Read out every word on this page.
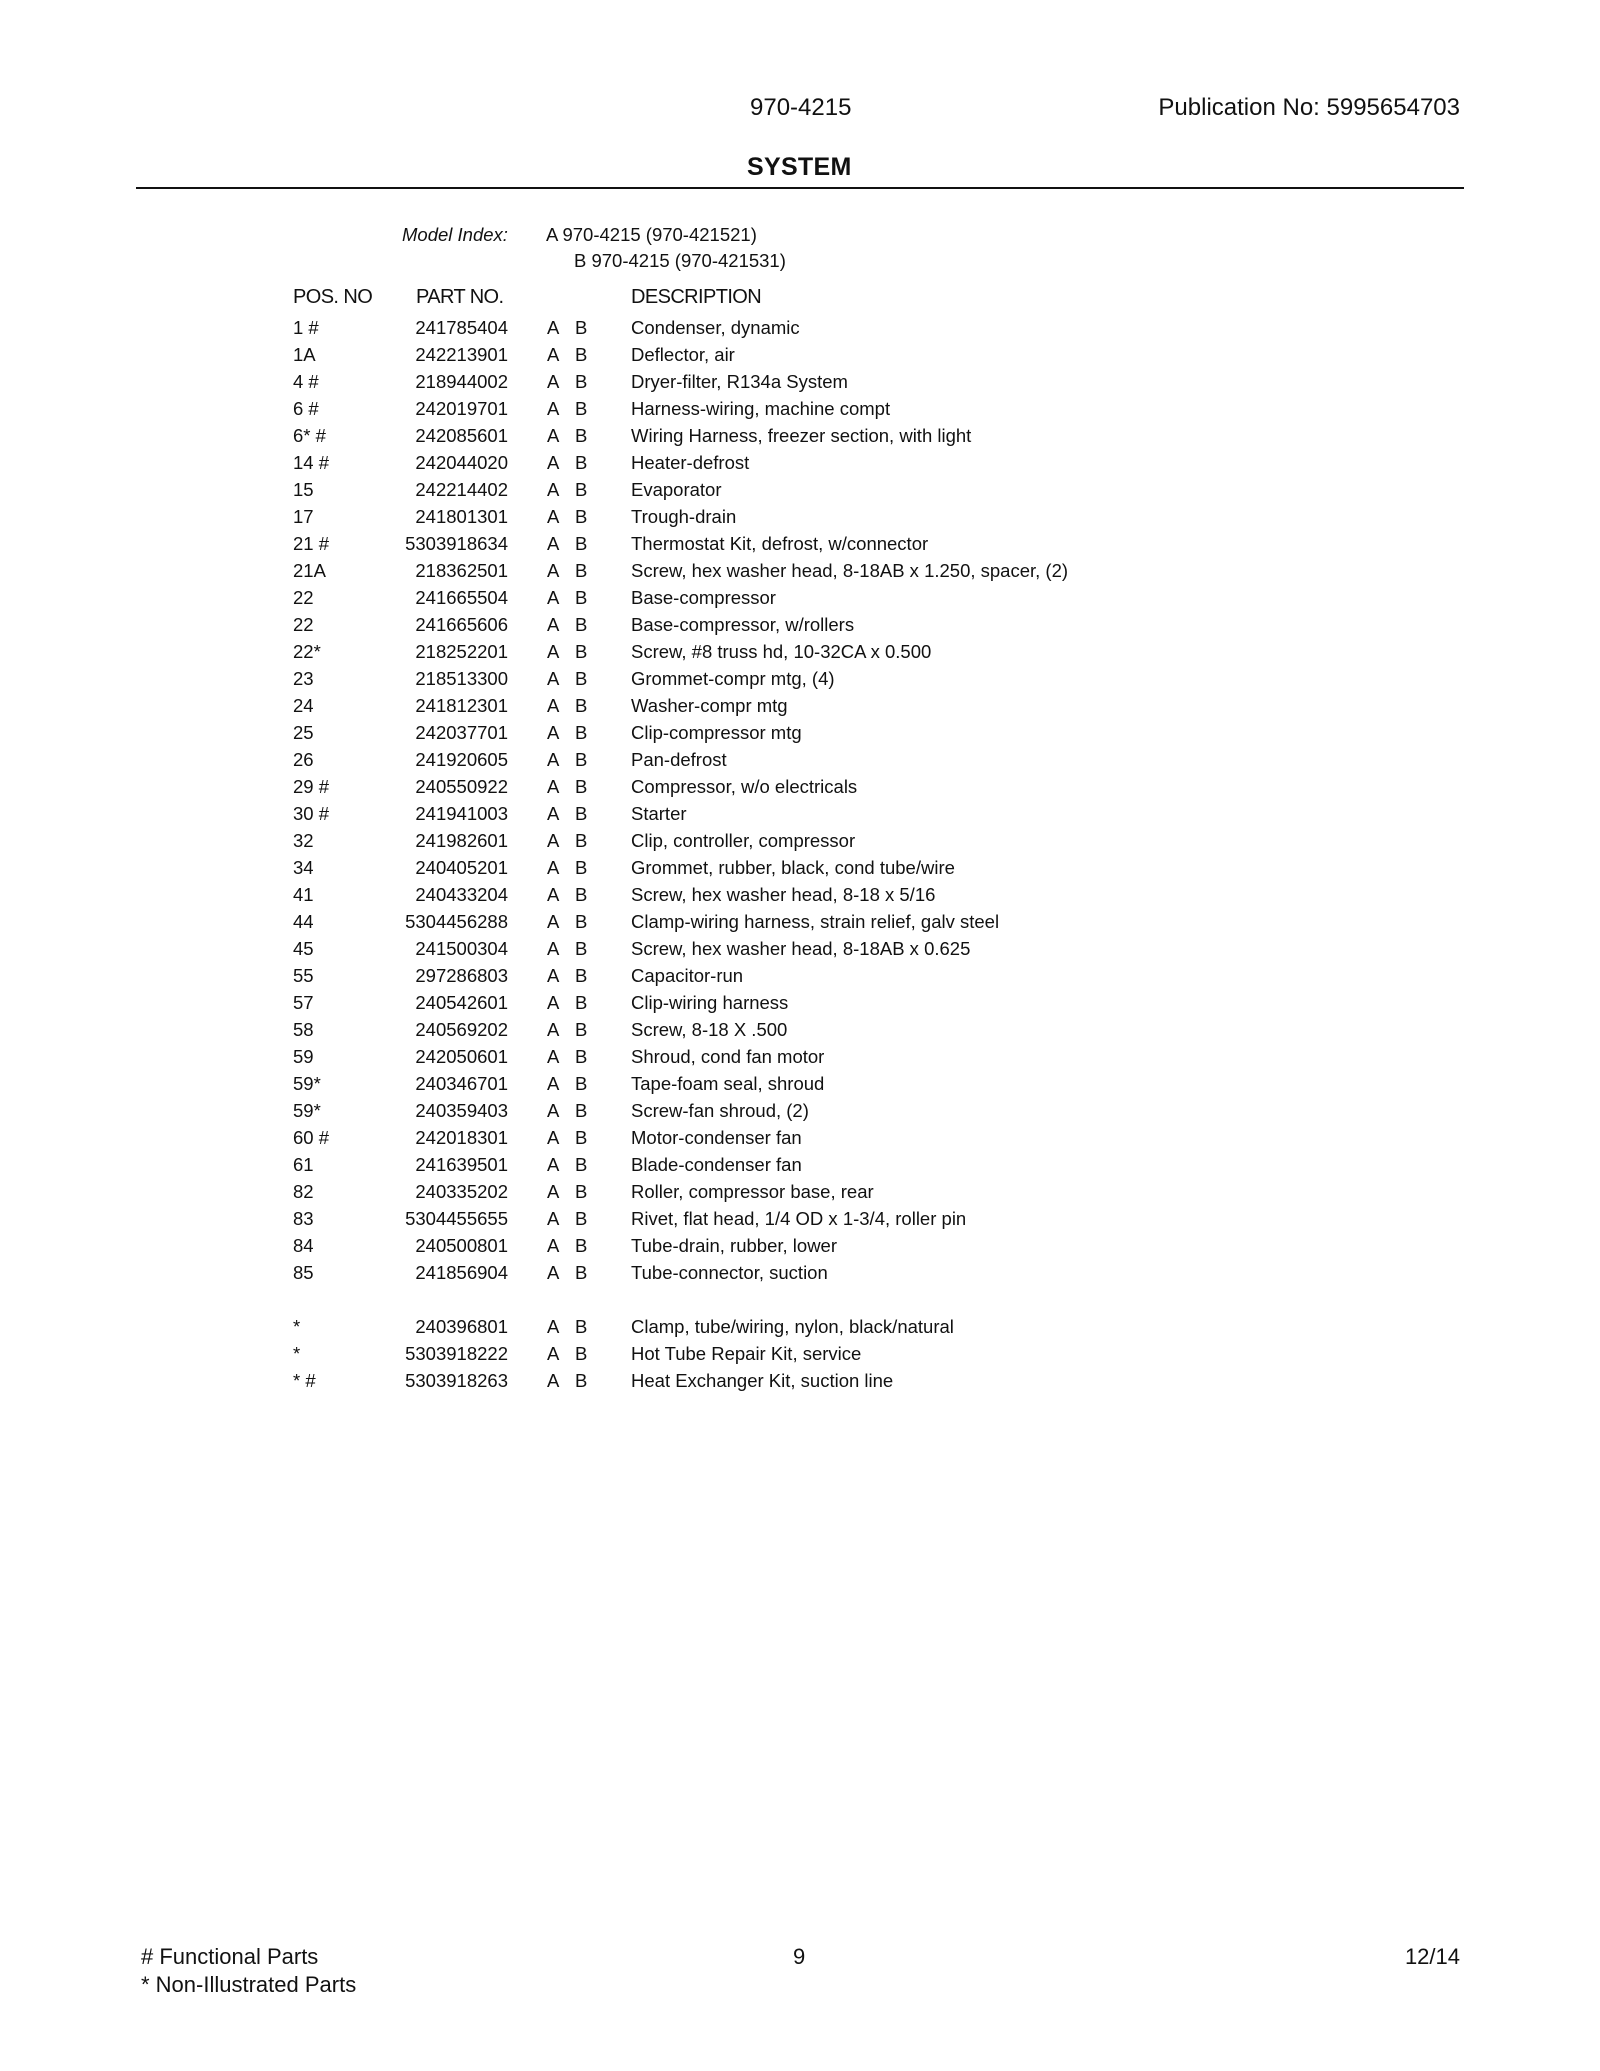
970-4215	Publication No: 5995654703
SYSTEM
Model Index: A 970-4215 (970-421521)
B 970-4215 (970-421531)
POS. NO PART NO.	DESCRIPTION
1 #	241785404 A B Condenser, dynamic
1A	242213901 A B Deflector, air
4 #	218944002 A B Dryer-filter, R134a System
6 #	242019701 A B Harness-wiring, machine compt
6* #	242085601 A B Wiring Harness, freezer section, with light
14 #	242044020 A B Heater-defrost
15	242214402 A B Evaporator
17	241801301 A B Trough-drain
21 #	5303918634 A B Thermostat Kit, defrost, w/connector
21A	218362501 A B Screw, hex washer head, 8-18AB x 1.250, spacer, (2)
22	241665504 A B Base-compressor
22	241665606 A B Base-compressor, w/rollers
22*	218252201 A B Screw, #8 truss hd, 10-32CA x 0.500
23	218513300 A B Grommet-compr mtg, (4)
24	241812301 A B Washer-compr mtg
25	242037701 A B Clip-compressor mtg
26	241920605 A B Pan-defrost
29 #	240550922 A B Compressor, w/o electricals
30 #	241941003 A B Starter
32	241982601 A B Clip, controller, compressor
34	240405201 A B Grommet, rubber, black, cond tube/wire
41	240433204 A B Screw, hex washer head, 8-18 x 5/16
44	5304456288 A B Clamp-wiring harness, strain relief, galv steel
45	241500304 A B Screw, hex washer head, 8-18AB x 0.625
55	297286803 A B Capacitor-run
57	240542601 A B Clip-wiring harness
58	240569202 A B Screw, 8-18 X .500
59	242050601 A B Shroud, cond fan motor
59*	240346701 A B Tape-foam seal, shroud
59*	240359403 A B Screw-fan shroud, (2)
60 #	242018301 A B Motor-condenser fan
61	241639501 A B Blade-condenser fan
82	240335202 A B Roller, compressor base, rear
83	5304455655 A B Rivet, flat head, 1/4 OD x 1-3/4, roller pin
84	240500801 A B Tube-drain, rubber, lower
85	241856904 A B Tube-connector, suction
*	240396801 A B Clamp, tube/wiring, nylon, black/natural
*	5303918222 A B Hot Tube Repair Kit, service
* #	5303918263 A B Heat Exchanger Kit, suction line
# Functional Parts
* Non-Illustrated Parts
9	12/14
